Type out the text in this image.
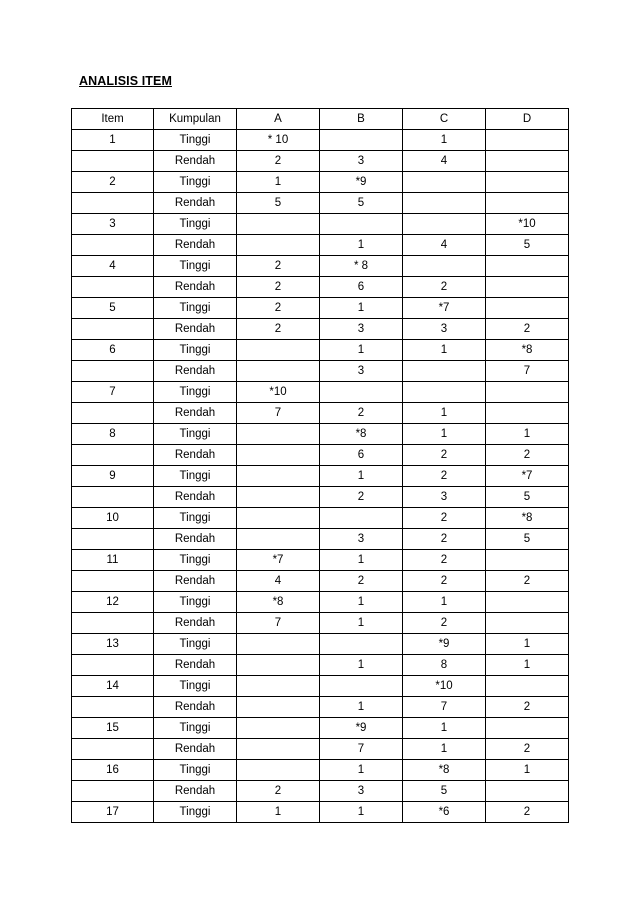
ANALISIS ITEM
Item	Kumpulan	A	B	C	D
1	Tinggi	* 10		1	
	Rendah	2	3	4	
2	Tinggi	1	*9		
	Rendah	5	5		
3	Tinggi				*10
	Rendah		1	4	5
4	Tinggi	2	* 8		
	Rendah	2	6	2	
5	Tinggi	2	1	*7	
	Rendah	2	3	3	2
6	Tinggi		1	1	*8
	Rendah		3		7
7	Tinggi	*10			
	Rendah	7	2	1	
8	Tinggi		*8	1	1
	Rendah		6	2	2
9	Tinggi		1	2	*7
	Rendah		2	3	5
10	Tinggi			2	*8
	Rendah		3	2	5
11	Tinggi	*7	1	2	
	Rendah	4	2	2	2
12	Tinggi	*8	1	1	
	Rendah	7	1	2	
13	Tinggi			*9	1
	Rendah		1	8	1
14	Tinggi			*10	
	Rendah		1	7	2
15	Tinggi		*9	1	
	Rendah		7	1	2
16	Tinggi		1	*8	1
	Rendah	2	3	5	
17	Tinggi	1	1	*6	2
